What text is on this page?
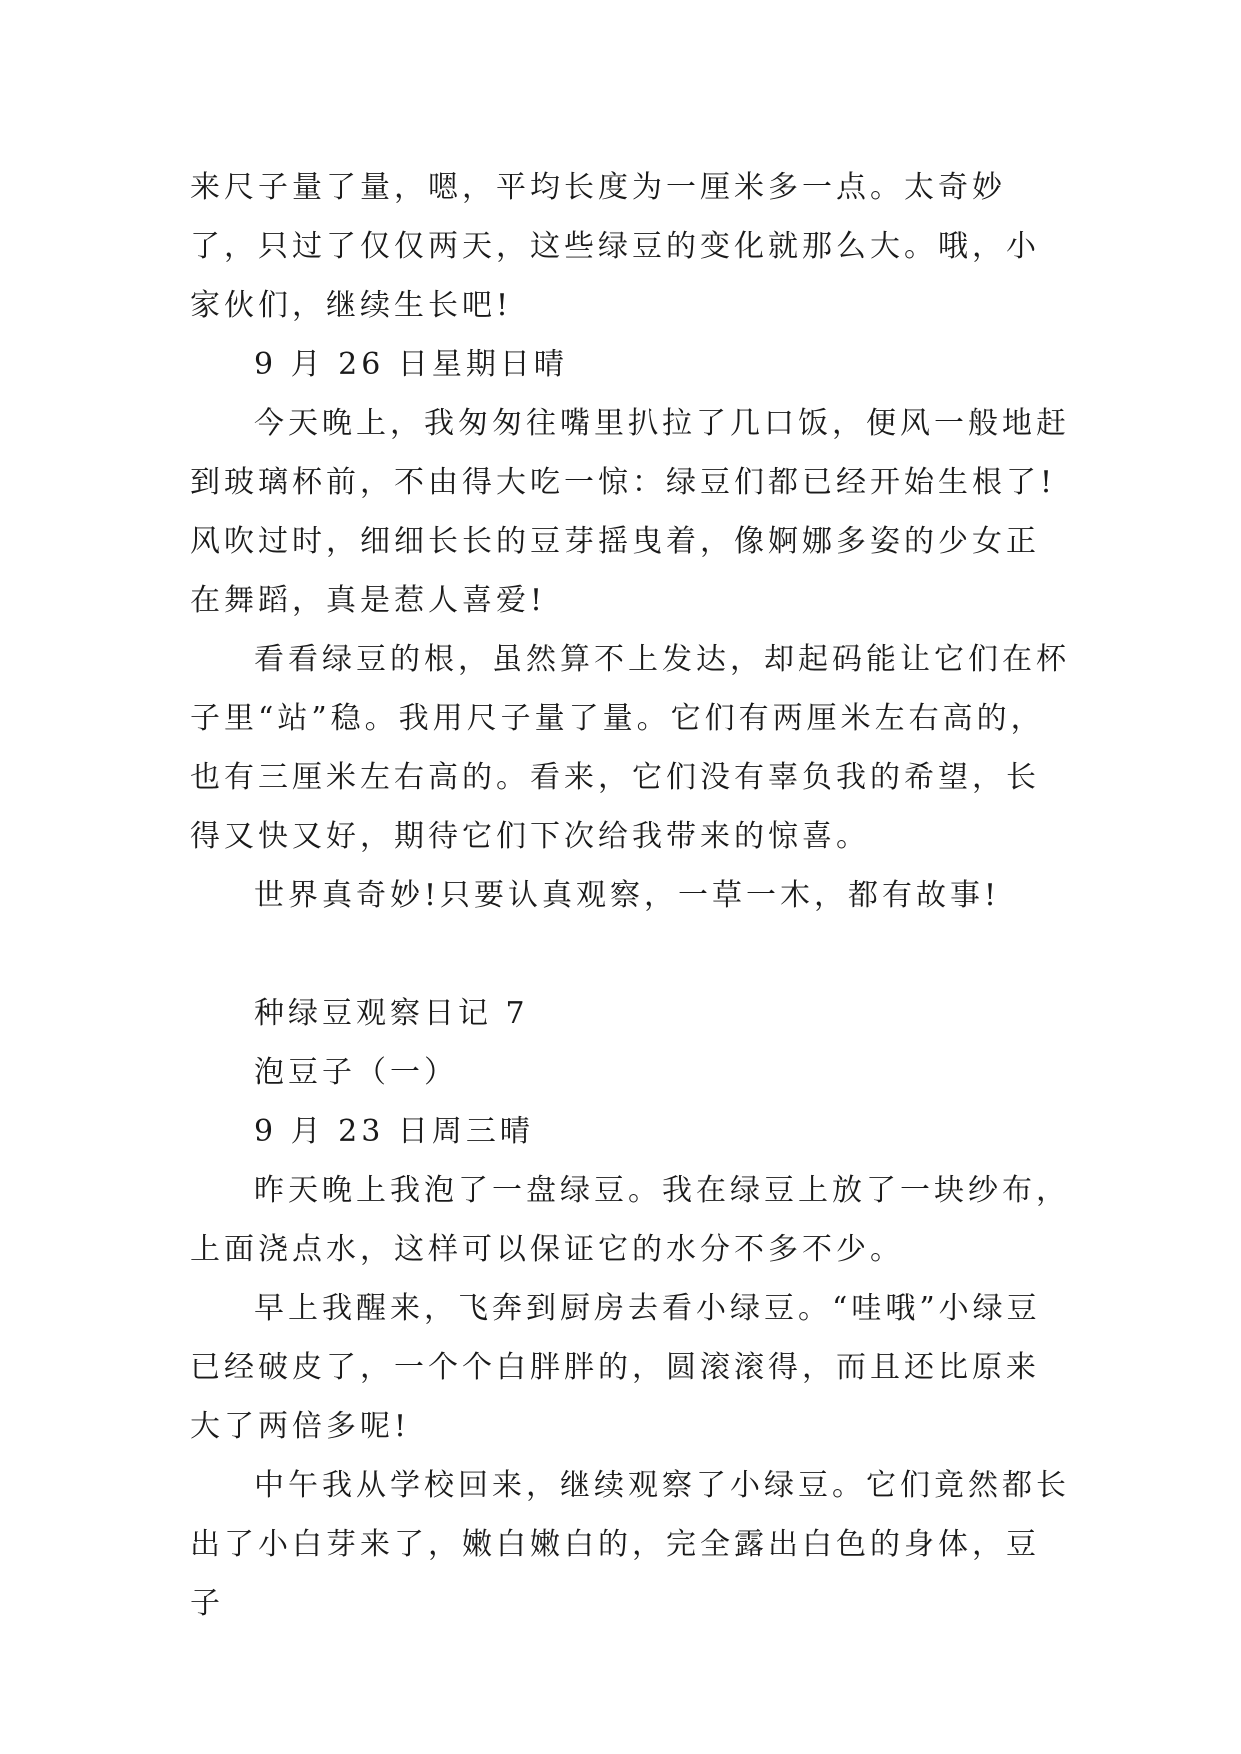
来尺子量了量，嗯，平均长度为一厘米多一点。太奇妙了，只过了仅仅两天，这些绿豆的变化就那么大。哦，小家伙们，继续生长吧!

9 月 26 日星期日晴

今天晚上，我匆匆往嘴里扒拉了几口饭，便风一般地赶到玻璃杯前，不由得大吃一惊：绿豆们都已经开始生根了!风吹过时，细细长长的豆芽摇曳着，像婀娜多姿的少女正在舞蹈，真是惹人喜爱!

看看绿豆的根，虽然算不上发达，却起码能让它们在杯子里“站”稳。我用尺子量了量。它们有两厘米左右高的，也有三厘米左右高的。看来，它们没有辜负我的希望，长得又快又好，期待它们下次给我带来的惊喜。

世界真奇妙!只要认真观察，一草一木，都有故事!

种绿豆观察日记 7

泡豆子（一）

9 月 23 日周三晴

昨天晚上我泡了一盘绿豆。我在绿豆上放了一块纱布，上面浇点水，这样可以保证它的水分不多不少。

早上我醒来，飞奔到厨房去看小绿豆。“哇哦”小绿豆已经破皮了，一个个白胖胖的，圆滚滚得，而且还比原来大了两倍多呢!

中午我从学校回来，继续观察了小绿豆。它们竟然都长出了小白芽来了，嫩白嫩白的，完全露出白色的身体，豆子
